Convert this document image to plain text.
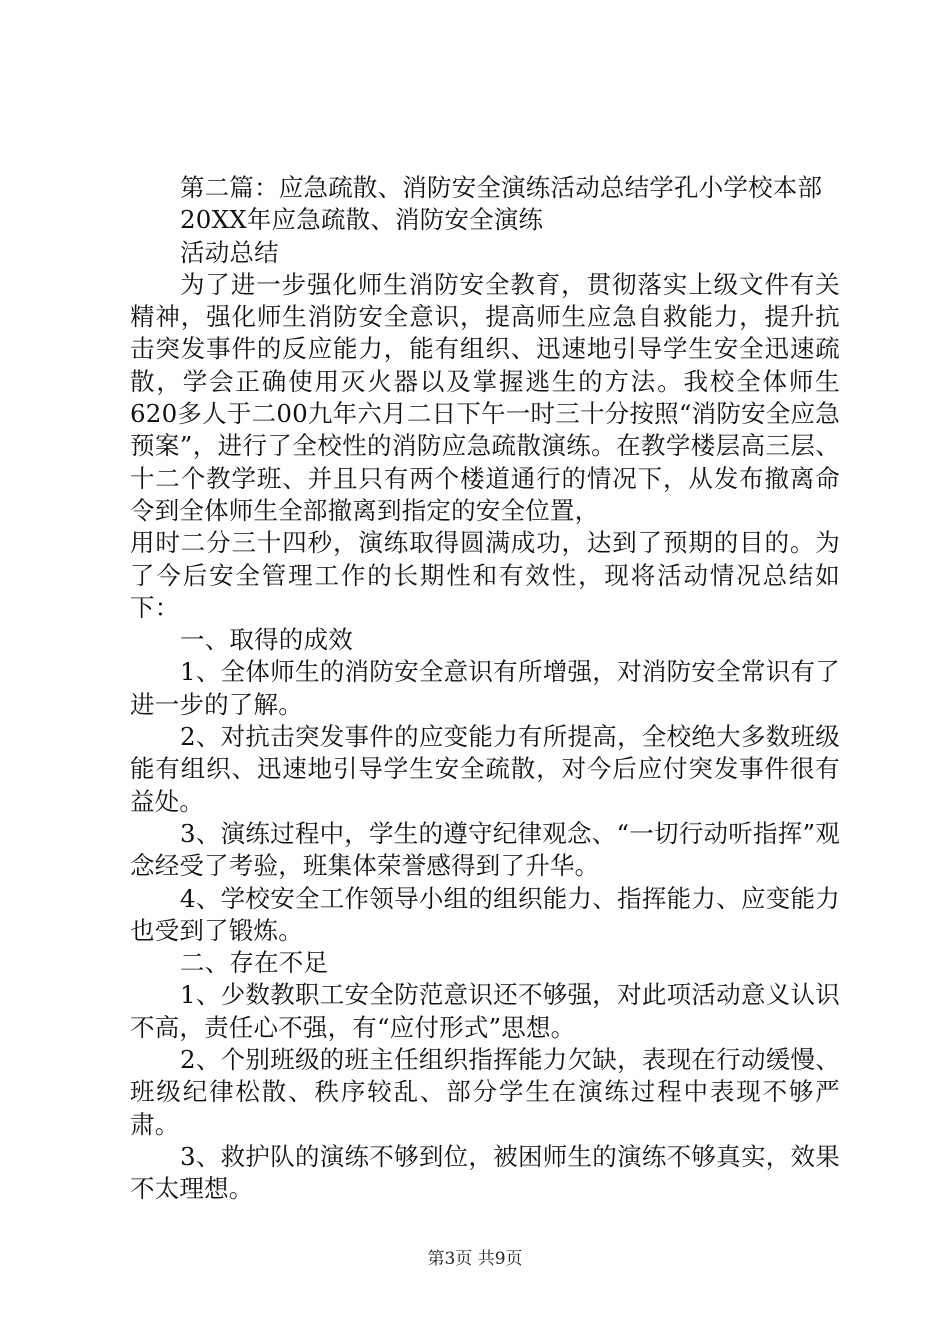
第二篇：应急疏散、消防安全演练活动总结学孔小学校本部

20XX年应急疏散、消防安全演练

活动总结

为了进一步强化师生消防安全教育，贯彻落实上级文件有关精神，强化师生消防安全意识，提高师生应急自救能力，提升抗击突发事件的反应能力，能有组织、迅速地引导学生安全迅速疏散，学会正确使用灭火器以及掌握逃生的方法。我校全体师生620多人于二00九年六月二日下午一时三十分按照“消防安全应急预案”，进行了全校性的消防应急疏散演练。在教学楼层高三层、十二个教学班、并且只有两个楼道通行的情况下，从发布撤离命令到全体师生全部撤离到指定的安全位置，

用时二分三十四秒，演练取得圆满成功，达到了预期的目的。为了今后安全管理工作的长期性和有效性，现将活动情况总结如下：

一、取得的成效

1、全体师生的消防安全意识有所增强，对消防安全常识有了进一步的了解。

2、对抗击突发事件的应变能力有所提高，全校绝大多数班级能有组织、迅速地引导学生安全疏散，对今后应付突发事件很有益处。

3、演练过程中，学生的遵守纪律观念、“一切行动听指挥”观念经受了考验，班集体荣誉感得到了升华。

4、学校安全工作领导小组的组织能力、指挥能力、应变能力也受到了锻炼。

二、存在不足

1、少数教职工安全防范意识还不够强，对此项活动意义认识不高，责任心不强，有“应付形式”思想。

2、个别班级的班主任组织指挥能力欠缺，表现在行动缓慢、班级纪律松散、秩序较乱、部分学生在演练过程中表现不够严肃。

3、救护队的演练不够到位，被困师生的演练不够真实，效果不太理想。

第3页 共9页
